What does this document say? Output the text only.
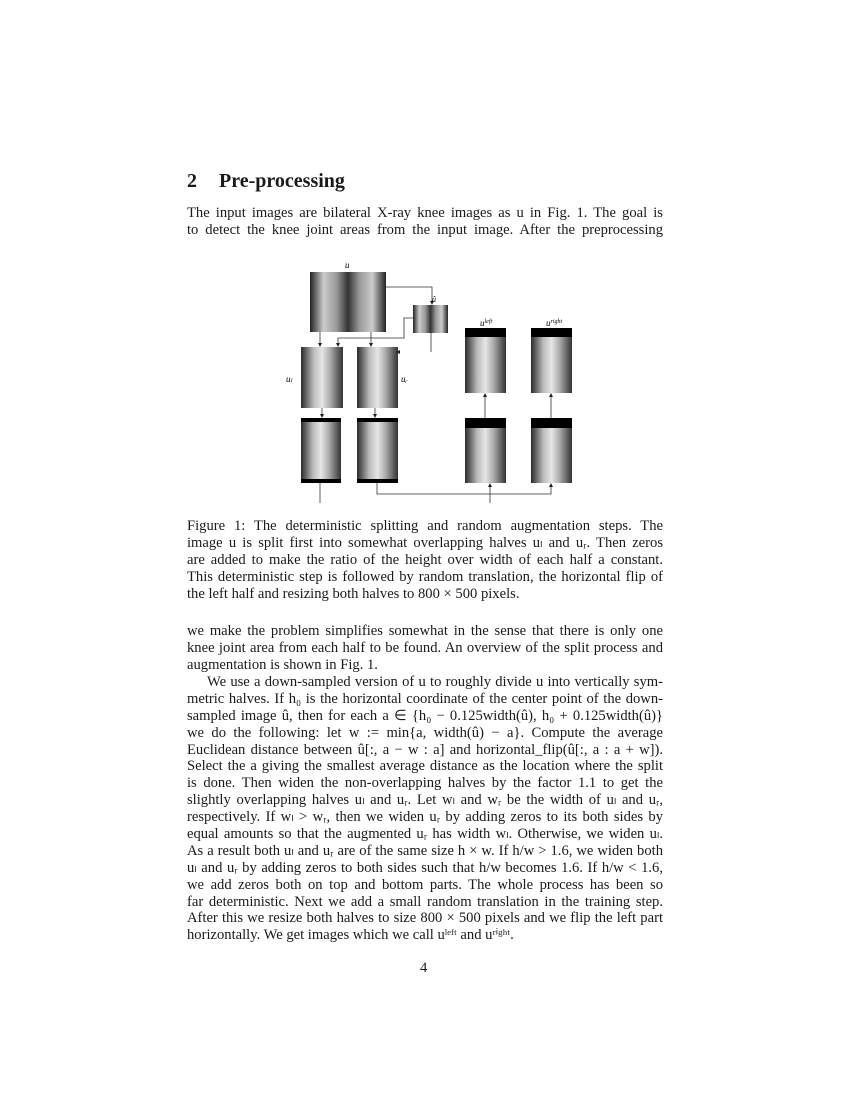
2 Pre-processing
The input images are bilateral X-ray knee images as u in Fig. 1. The goal is
to detect the knee joint areas from the input image. After the preprocessing
u
û
uₗ	uᵣ
$u^{left}$	$u^{right}$
Figure 1: The deterministic splitting and random augmentation steps. The
image u is split first into somewhat overlapping halves uₗ and uᵣ. Then zeros
are added to make the ratio of the height over width of each half a constant.
This deterministic step is followed by random translation, the horizontal flip of
the left half and resizing both halves to 800 × 500 pixels.
we make the problem simplifies somewhat in the sense that there is only one
knee joint area from each half to be found. An overview of the split process and
augmentation is shown in Fig. 1.
We use a down-sampled version of u to roughly divide u into vertically sym-
metric halves. If h₀ is the horizontal coordinate of the center point of the down-
sampled image û, then for each a ∈ {h₀ − 0.125width(û), h₀ + 0.125width(û)}
we do the following: let w := min{a, width(û) − a}. Compute the average
Euclidean distance between û[:, a − w : a] and horizontal_flip(û[:, a : a + w]).
Select the a giving the smallest average distance as the location where the split
is done. Then widen the non-overlapping halves by the factor 1.1 to get the
slightly overlapping halves uₗ and uᵣ. Let wₗ and wᵣ be the width of uₗ and uᵣ,
respectively. If wₗ > wᵣ, then we widen uᵣ by adding zeros to its both sides by
equal amounts so that the augmented uᵣ has width wₗ. Otherwise, we widen uₗ.
As a result both uₗ and uᵣ are of the same size h × w. If h/w > 1.6, we widen both
uₗ and uᵣ by adding zeros to both sides such that h/w becomes 1.6. If h/w < 1.6,
we add zeros both on top and bottom parts. The whole process has been so
far deterministic. Next we add a small random translation in the training step.
After this we resize both halves to size 800 × 500 pixels and we flip the left part
horizontally. We get images which we call uˡᵉᶠᵗ and uʳⁱᵍʰᵗ.
4
